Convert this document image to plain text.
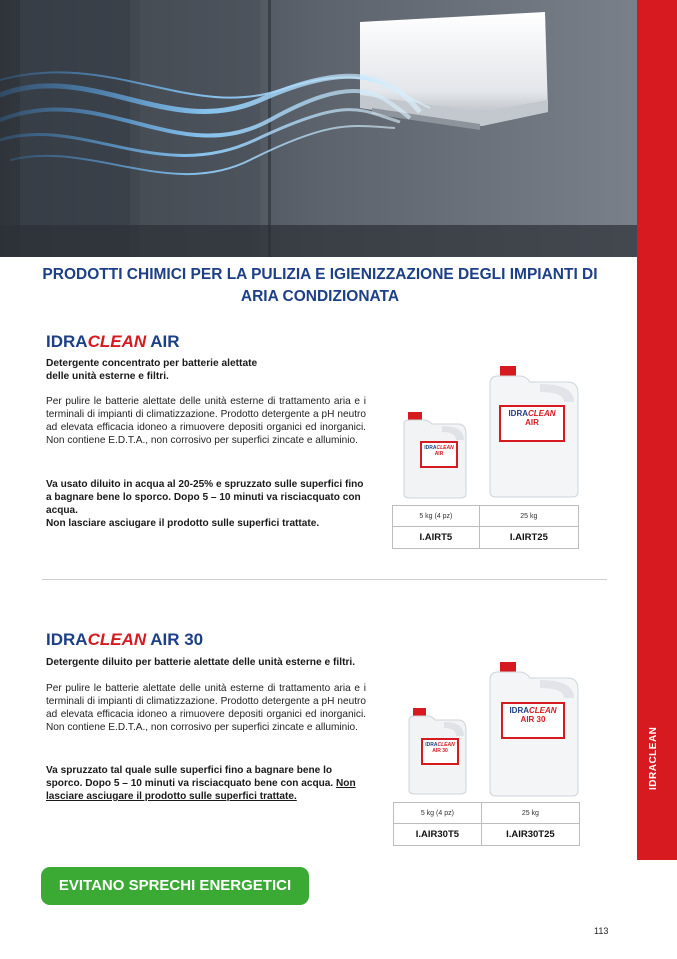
IDRACLEAN
PRODOTTI CHIMICI PER LA PULIZIA E IGIENIZZAZIONE DEGLI IMPIANTI DI ARIA CONDIZIONATA
IDRACLEAN AIR

Detergente concentrato per batterie alettate delle unità esterne e filtri.

Per pulire le batterie alettate delle unità esterne di trattamento aria e i terminali di impianti di climatizzazione. Prodotto detergente a pH neutro ad elevata efficacia idoneo a rimuovere depositi organici ed inorganici. Non contiene E.D.T.A., non corrosivo per superfici zincate e alluminio.

Va usato diluito in acqua al 20-25% e spruzzato sulle superfici fino a bagnare bene lo sporco. Dopo 5 – 10 minuti va risciacquato con acqua.
Non lasciare asciugare il prodotto sulle superfici trattate.

IDRACLEAN
AIR
IDRACLEAN
AIR
5 kg (4 pz)	25 kg
I.AIRT5	I.AIRT25
IDRACLEAN AIR 30

Detergente diluito per batterie alettate delle unità esterne e filtri.

Per pulire le batterie alettate delle unità esterne di trattamento aria e i terminali di impianti di climatizzazione. Prodotto detergente a pH neutro ad elevata efficacia idoneo a rimuovere depositi organici ed inorganici. Non contiene E.D.T.A., non corrosivo per superfici zincate e alluminio.

Va spruzzato tal quale sulle superfici fino a bagnare bene lo sporco. Dopo 5 – 10 minuti va risciacquato bene con acqua. Non lasciare asciugare il prodotto sulle superfici trattate.

IDRACLEAN
AIR 30
IDRACLEAN
AIR 30
5 kg (4 pz)	25 kg
I.AIR30T5	I.AIR30T25
EVITANO SPRECHI ENERGETICI
113
